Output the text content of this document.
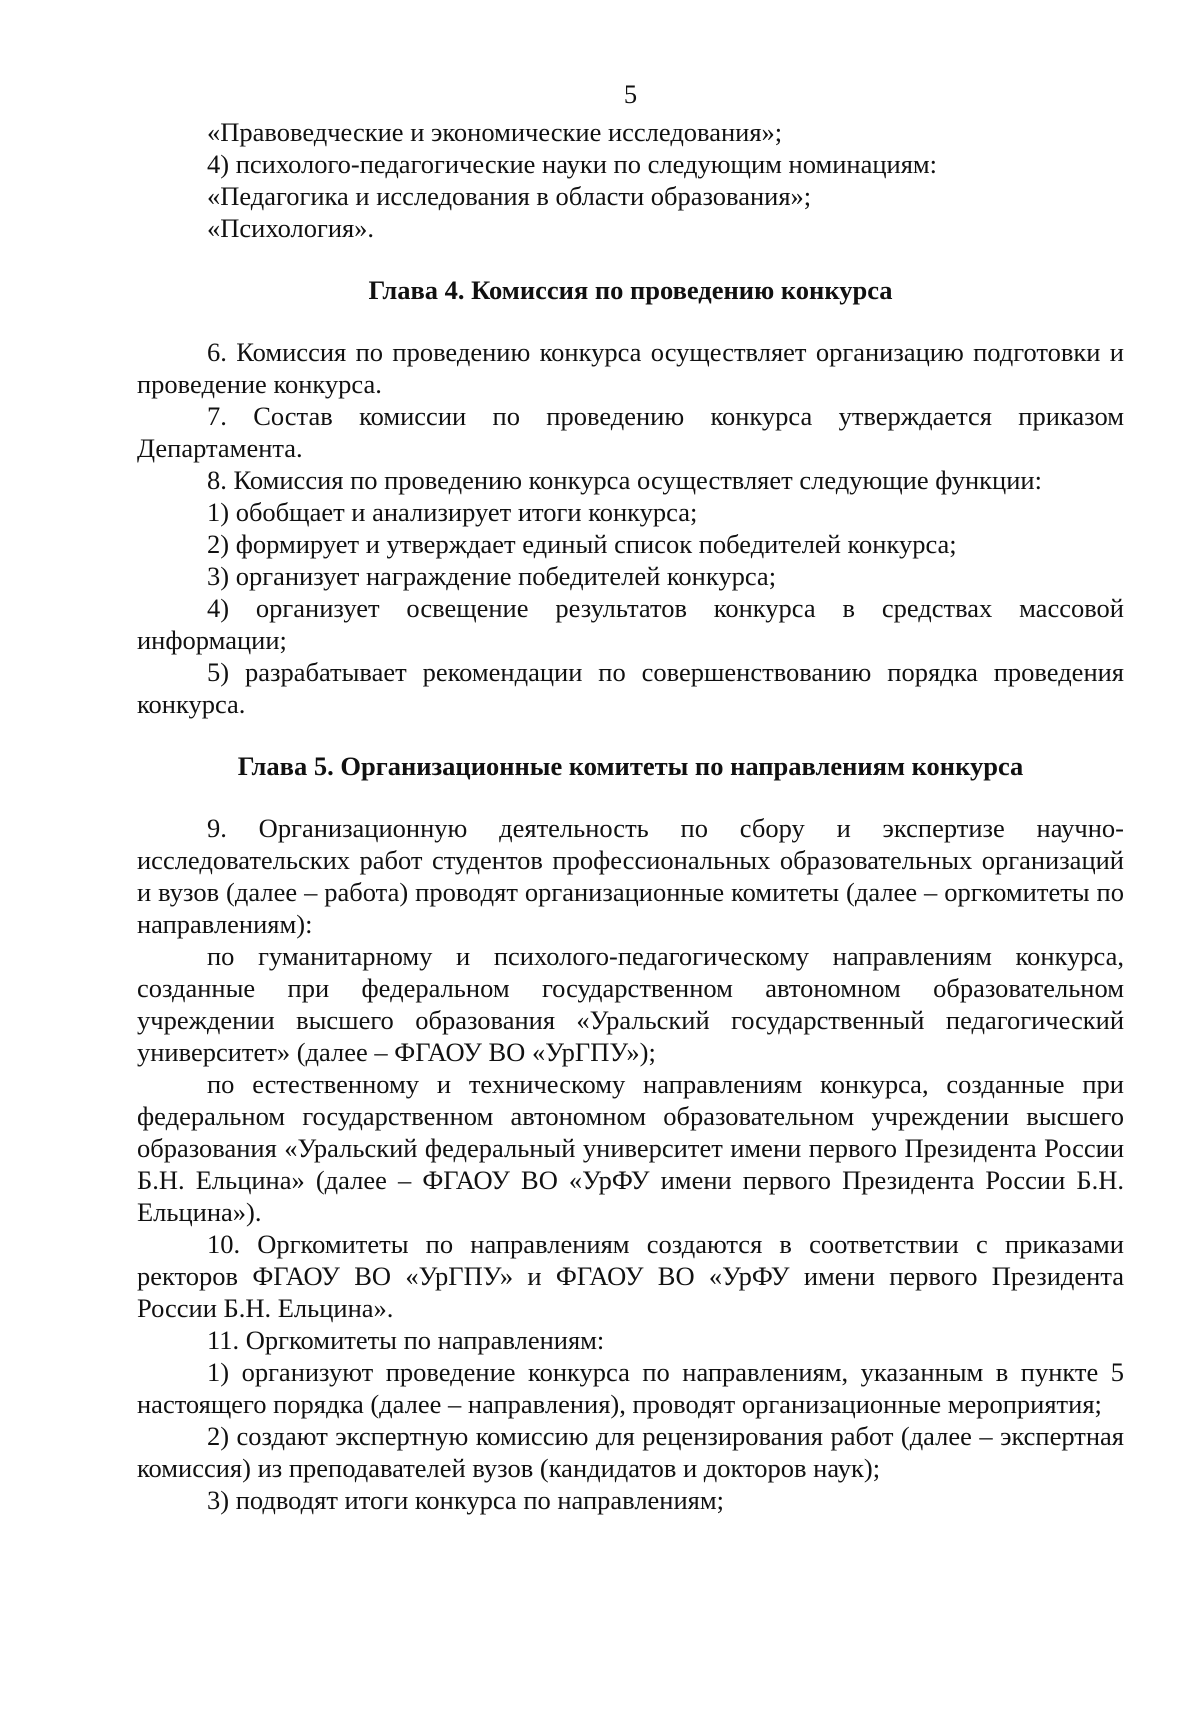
5

«Правоведческие и экономические исследования»;

4) психолого-педагогические науки по следующим номинациям:

«Педагогика и исследования в области образования»;

«Психология».

Глава 4. Комиссия по проведению конкурса

6. Комиссия по проведению конкурса осуществляет организацию подготовки и проведение конкурса.

7. Состав комиссии по проведению конкурса утверждается приказом Департамента.

8. Комиссия по проведению конкурса осуществляет следующие функции:

1) обобщает и анализирует итоги конкурса;

2) формирует и утверждает единый список победителей конкурса;

3) организует награждение победителей конкурса;

4) организует освещение результатов конкурса в средствах массовой информации;

5) разрабатывает рекомендации по совершенствованию порядка проведения конкурса.

Глава 5. Организационные комитеты по направлениям конкурса

9. Организационную деятельность по сбору и экспертизе научно-исследовательских работ студентов профессиональных образовательных организаций и вузов (далее – работа) проводят организационные комитеты (далее – оргкомитеты по направлениям):

по гуманитарному и психолого-педагогическому направлениям конкурса, созданные при федеральном государственном автономном образовательном учреждении высшего образования «Уральский государственный педагогический университет» (далее – ФГАОУ ВО «УрГПУ»);

по естественному и техническому направлениям конкурса, созданные при федеральном государственном автономном образовательном учреждении высшего образования «Уральский федеральный университет имени первого Президента России Б.Н. Ельцина» (далее – ФГАОУ ВО «УрФУ имени первого Президента России Б.Н. Ельцина»).

10. Оргкомитеты по направлениям создаются в соответствии с приказами ректоров ФГАОУ ВО «УрГПУ» и ФГАОУ ВО «УрФУ имени первого Президента России Б.Н. Ельцина».

11. Оргкомитеты по направлениям:

1) организуют проведение конкурса по направлениям, указанным в пункте 5 настоящего порядка (далее – направления), проводят организационные мероприятия;

2) создают экспертную комиссию для рецензирования работ (далее – экспертная комиссия) из преподавателей вузов (кандидатов и докторов наук);

3) подводят итоги конкурса по направлениям;
